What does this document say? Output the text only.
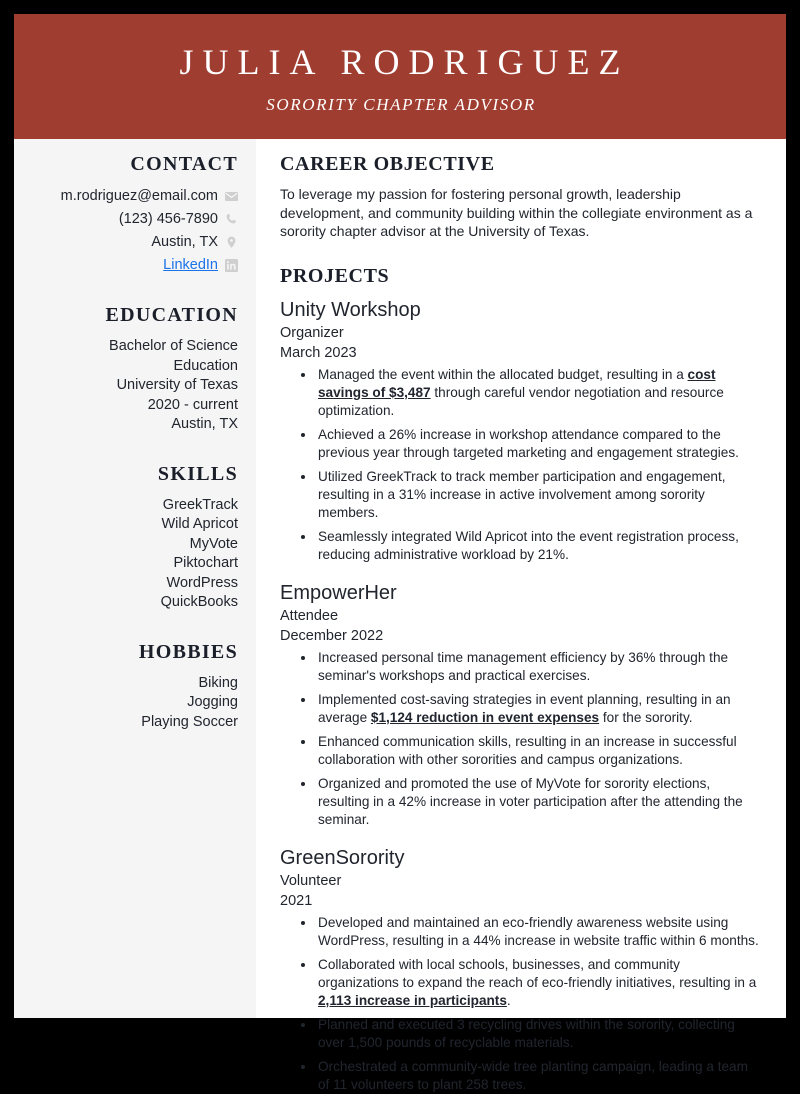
JULIA RODRIGUEZ
SORORITY CHAPTER ADVISOR
CONTACT
m.rodriguez@email.com
(123) 456-7890
Austin, TX
LinkedIn
EDUCATION
Bachelor of Science
Education
University of Texas
2020 - current
Austin, TX
SKILLS
GreekTrack
Wild Apricot
MyVote
Piktochart
WordPress
QuickBooks
HOBBIES
Biking
Jogging
Playing Soccer
CAREER OBJECTIVE
To leverage my passion for fostering personal growth, leadership development, and community building within the collegiate environment as a sorority chapter advisor at the University of Texas.
PROJECTS
Unity Workshop
Organizer
March 2023
• Managed the event within the allocated budget, resulting in a cost savings of $3,487 through careful vendor negotiation and resource optimization.
• Achieved a 26% increase in workshop attendance compared to the previous year through targeted marketing and engagement strategies.
• Utilized GreekTrack to track member participation and engagement, resulting in a 31% increase in active involvement among sorority members.
• Seamlessly integrated Wild Apricot into the event registration process, reducing administrative workload by 21%.
EmpowerHer
Attendee
December 2022
• Increased personal time management efficiency by 36% through the seminar's workshops and practical exercises.
• Implemented cost-saving strategies in event planning, resulting in an average $1,124 reduction in event expenses for the sorority.
• Enhanced communication skills, resulting in an increase in successful collaboration with other sororities and campus organizations.
• Organized and promoted the use of MyVote for sorority elections, resulting in a 42% increase in voter participation after the attending the seminar.
GreenSorority
Volunteer
2021
• Developed and maintained an eco-friendly awareness website using WordPress, resulting in a 44% increase in website traffic within 6 months.
• Collaborated with local schools, businesses, and community organizations to expand the reach of eco-friendly initiatives, resulting in a 2,113 increase in participants.
• Planned and executed 3 recycling drives within the sorority, collecting over 1,500 pounds of recyclable materials.
• Orchestrated a community-wide tree planting campaign, leading a team of 11 volunteers to plant 258 trees.
